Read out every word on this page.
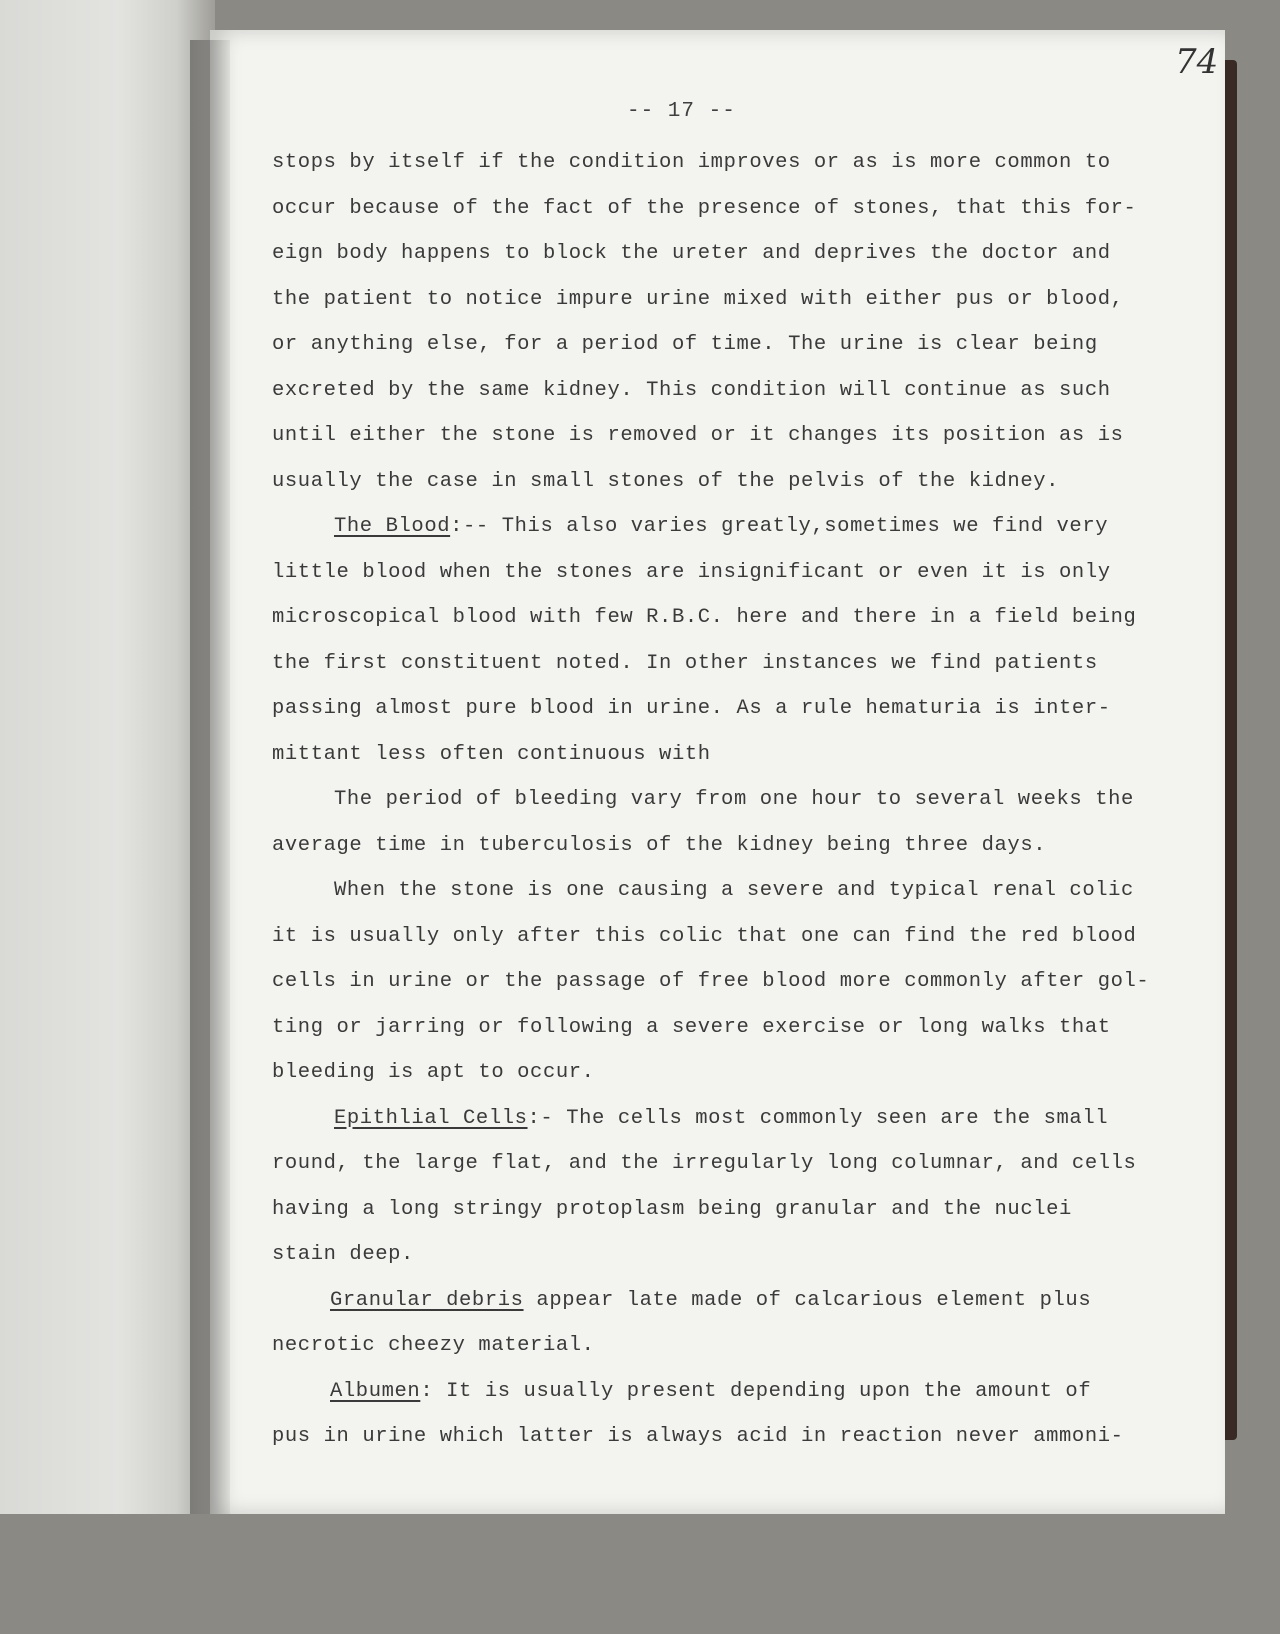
74
-- 17 --
stops by itself if the condition improves or as is more common to
occur because of the fact of the presence of stones, that this for-
eign body happens to block the ureter and deprives the doctor and
the patient to notice impure urine mixed with either pus or blood,
or anything else, for a period of time. The urine is clear being
excreted by the same kidney. This condition will continue as such
until either the stone is removed or it changes its position as is
usually the case in small stones of the pelvis of the kidney.
The Blood:-- This also varies greatly,sometimes we find very
little blood when the stones are insignificant or even it is only
microscopical blood with few R.B.C. here and there in a field being
the first constituent noted. In other instances we find patients
passing almost pure blood in urine. As a rule hematuria is inter-
mittant less often continuous with
The period of bleeding vary from one hour to several weeks the
average time in tuberculosis of the kidney being three days.
When the stone is one causing a severe and typical renal colic
it is usually only after this colic that one can find the red blood
cells in urine or the passage of free blood more commonly after gol-
ting or jarring or following a severe exercise or long walks that
bleeding is apt to occur.
Epithlial Cells:- The cells most commonly seen are the small
round, the large flat, and the irregularly long columnar, and cells
having a long stringy protoplasm being granular and the nuclei
stain deep.
Granular debris appear late made of calcarious element plus
necrotic cheezy material.
Albumen: It is usually present depending upon the amount of
pus in urine which latter is always acid in reaction never ammoni-
